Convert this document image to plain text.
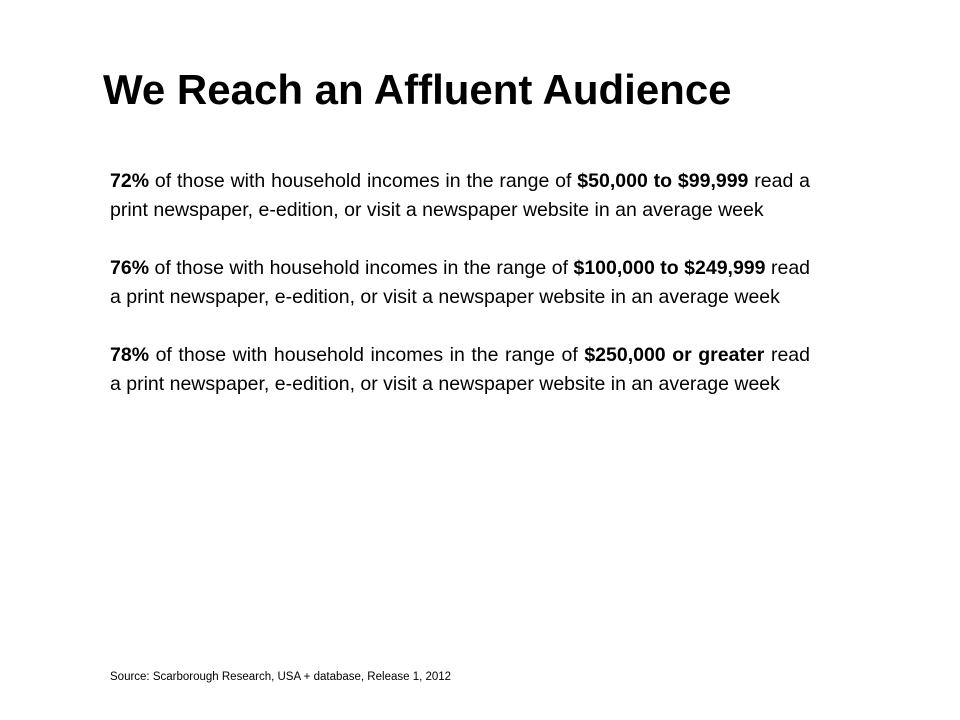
We Reach an Affluent Audience

72% of those with household incomes in the range of $50,000 to $99,999 read a print newspaper, e-edition, or visit a newspaper website in an average week

76% of those with household incomes in the range of $100,000 to $249,999 read a print newspaper, e-edition, or visit a newspaper website in an average week

78% of those with household incomes in the range of $250,000 or greater read a print newspaper, e-edition, or visit a newspaper website in an average week

Source: Scarborough Research, USA + database, Release 1, 2012
